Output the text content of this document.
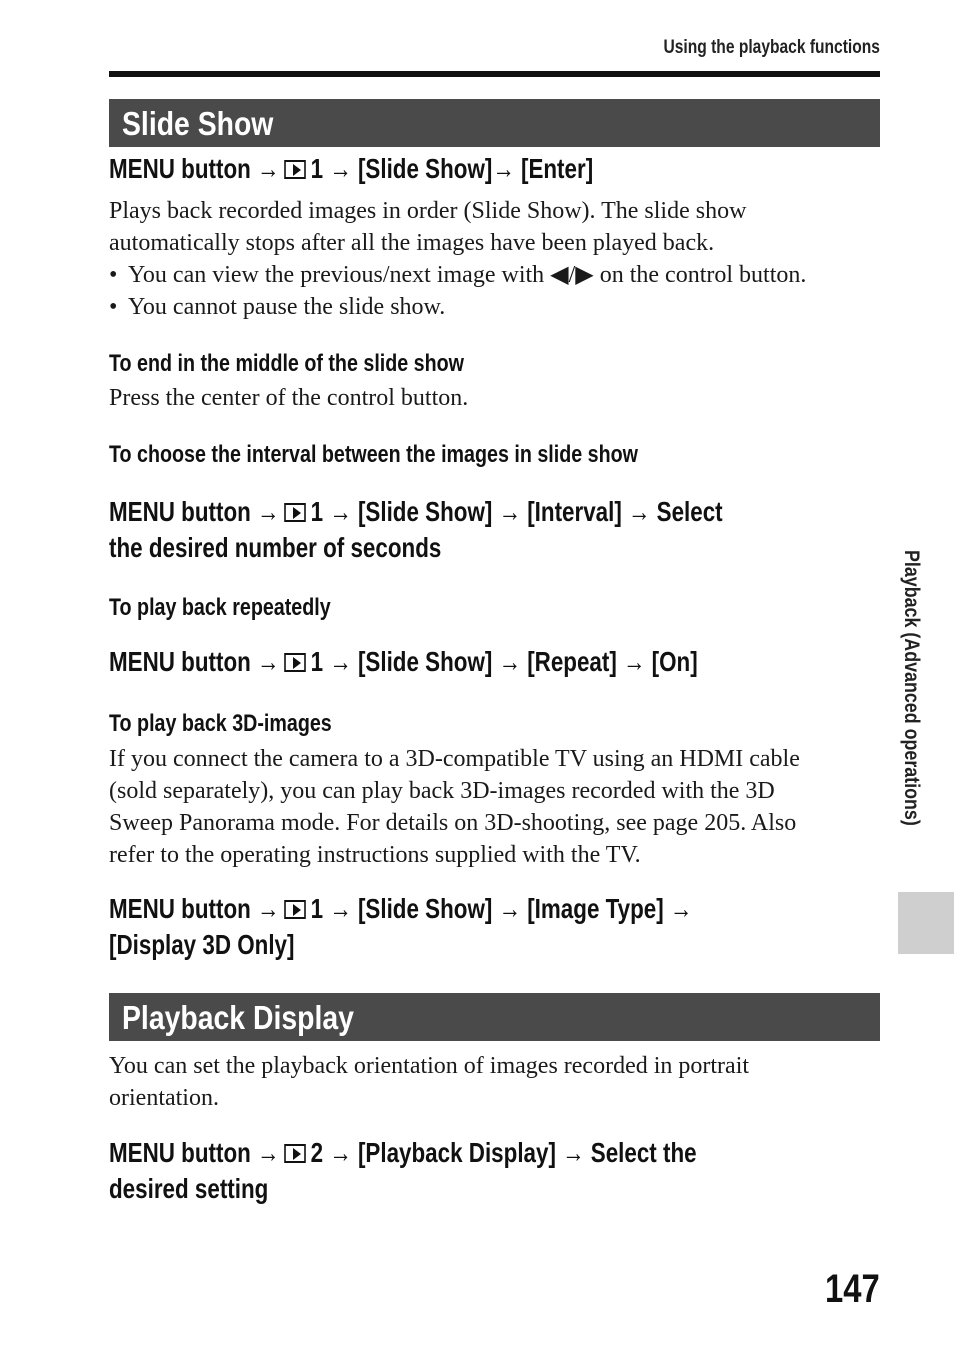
Using the playback functions
Slide Show
MENU button → 1 → [Slide Show]→ [Enter]
Plays back recorded images in order (Slide Show). The slide show
automatically stops after all the images have been played back.
• You can view the previous/next image with ◀/▶ on the control button.
• You cannot pause the slide show.
To end in the middle of the slide show
Press the center of the control button.
To choose the interval between the images in slide show
MENU button → 1 → [Slide Show] → [Interval] → Select
the desired number of seconds
To play back repeatedly
MENU button → 1 → [Slide Show] → [Repeat] → [On]
To play back 3D-images
If you connect the camera to a 3D-compatible TV using an HDMI cable
(sold separately), you can play back 3D-images recorded with the 3D
Sweep Panorama mode. For details on 3D-shooting, see page 205. Also
refer to the operating instructions supplied with the TV.
MENU button → 1 → [Slide Show] → [Image Type] →
[Display 3D Only]
Playback Display
You can set the playback orientation of images recorded in portrait
orientation.
MENU button → 2 → [Playback Display] → Select the
desired setting
Playback (Advanced operations)
147
